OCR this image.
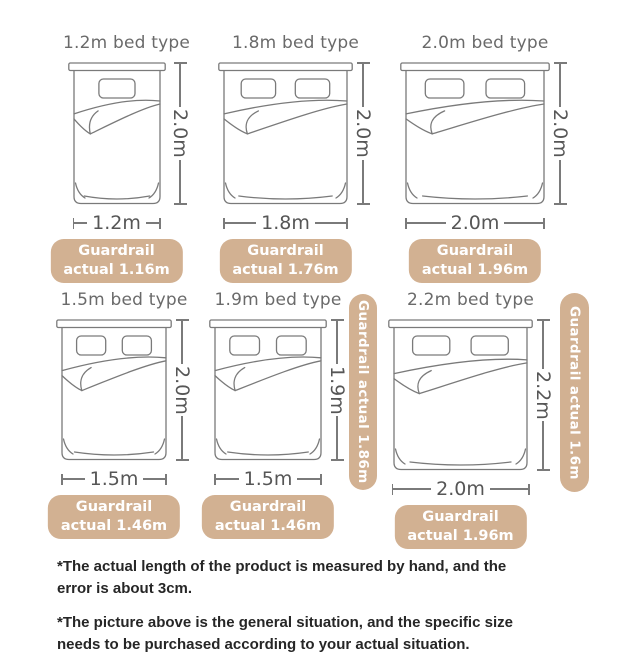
1.2m bed type
2.0m
1.2m
Guardrail
actual 1.16m
1.8m bed type
2.0m
1.8m
Guardrail
actual 1.76m
2.0m bed type
2.0m
2.0m
Guardrail
actual 1.96m
1.5m bed type
2.0m
1.5m
Guardrail
actual 1.46m
1.9m bed type
1.9m
1.5m
Guardrail
actual 1.46m
2.2m bed type
2.2m
2.0m
Guardrail
actual 1.96m
Guardrail actual 1.86m	Guardrail actual 1.6m
*The actual length of the product is measured by hand, and the
error is about 3cm.
*The picture above is the general situation, and the specific size
needs to be purchased according to your actual situation.
